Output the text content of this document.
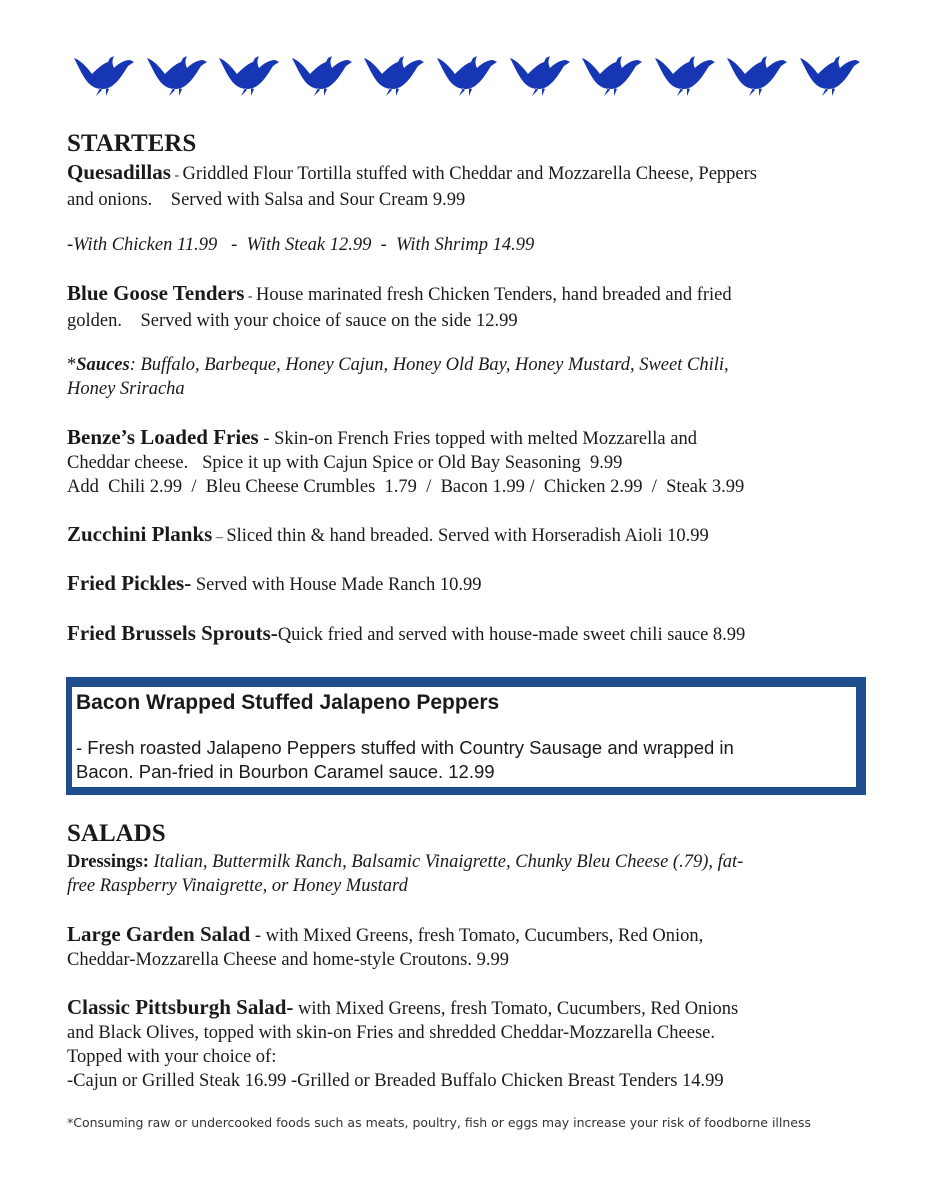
STARTERS
Quesadillas - Griddled Flour Tortilla stuffed with Cheddar and Mozzarella Cheese, Peppers
and onions.    Served with Salsa and Sour Cream 9.99
-With Chicken 11.99   -  With Steak 12.99  -  With Shrimp 14.99
Blue Goose Tenders - House marinated fresh Chicken Tenders, hand breaded and fried
golden.    Served with your choice of sauce on the side 12.99
*Sauces: Buffalo, Barbeque, Honey Cajun, Honey Old Bay, Honey Mustard, Sweet Chili,
Honey Sriracha
Benze’s Loaded Fries - Skin-on French Fries topped with melted Mozzarella and
Cheddar cheese.   Spice it up with Cajun Spice or Old Bay Seasoning  9.99
Add  Chili 2.99  /  Bleu Cheese Crumbles  1.79  /  Bacon 1.99 /  Chicken 2.99  /  Steak 3.99
Zucchini Planks – Sliced thin & hand breaded. Served with Horseradish Aioli 10.99
Fried Pickles- Served with House Made Ranch 10.99
Fried Brussels Sprouts-Quick fried and served with house-made sweet chili sauce 8.99
Bacon Wrapped Stuffed Jalapeno Peppers
- Fresh roasted Jalapeno Peppers stuffed with Country Sausage and wrapped in
Bacon. Pan-fried in Bourbon Caramel sauce. 12.99
SALADS
Dressings: Italian, Buttermilk Ranch, Balsamic Vinaigrette, Chunky Bleu Cheese (.79), fat-
free Raspberry Vinaigrette, or Honey Mustard
Large Garden Salad - with Mixed Greens, fresh Tomato, Cucumbers, Red Onion,
Cheddar-Mozzarella Cheese and home-style Croutons. 9.99
Classic Pittsburgh Salad- with Mixed Greens, fresh Tomato, Cucumbers, Red Onions
and Black Olives, topped with skin-on Fries and shredded Cheddar-Mozzarella Cheese.
Topped with your choice of:
-Cajun or Grilled Steak 16.99 -Grilled or Breaded Buffalo Chicken Breast Tenders 14.99
*Consuming raw or undercooked foods such as meats, poultry, fish or eggs may increase your risk of foodborne illness
